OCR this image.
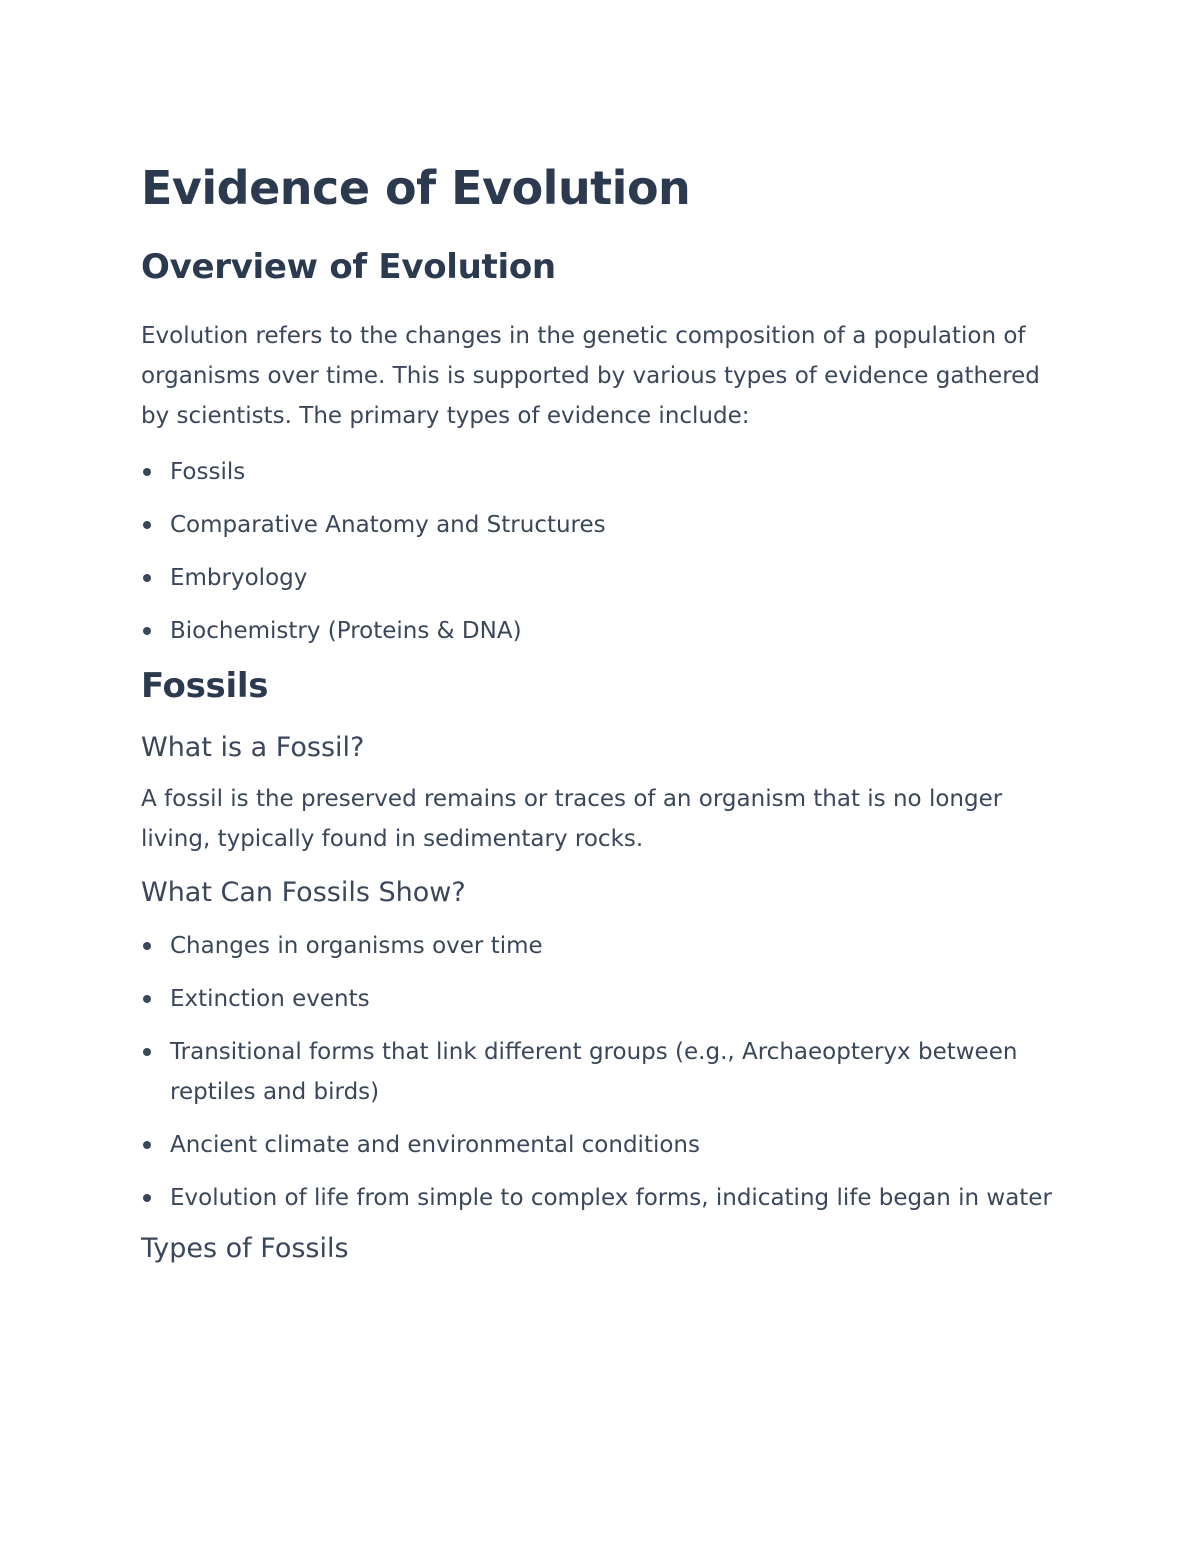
Evidence of Evolution
Overview of Evolution

Evolution refers to the changes in the genetic composition of a population of organisms over time. This is supported by various types of evidence gathered by scientists. The primary types of evidence include:

Fossils
Comparative Anatomy and Structures
Embryology
Biochemistry (Proteins & DNA)
Fossils
What is a Fossil?

A fossil is the preserved remains or traces of an organism that is no longer living, typically found in sedimentary rocks.

What Can Fossils Show?
Changes in organisms over time
Extinction events
Transitional forms that link different groups (e.g., Archaeopteryx between reptiles and birds)
Ancient climate and environmental conditions
Evolution of life from simple to complex forms, indicating life began in water
Types of Fossils
